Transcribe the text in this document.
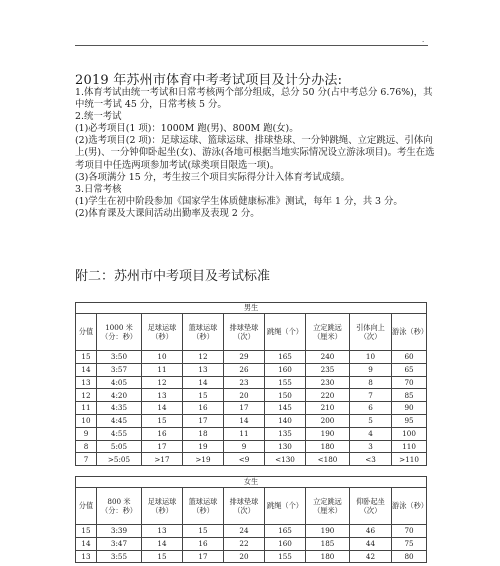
.
2019 年苏州市体育中考考试项目及计分办法:

1.体育考试由统一考试和日常考核两个部分组成，总分 50 分(占中考总分 6.76%)，其中统一考试 45 分，日常考核 5 分。

2.统一考试

(1)必考项目(1 项)：1000M 跑(男)、800M 跑(女)。

(2)选考项目(2 项)：足球运球、篮球运球、排球垫球、一分钟跳绳、立定跳远、引体向上(男)、一分钟仰卧起坐(女)、游泳(各地可根据当地实际情况设立游泳项目)。考生在选考项目中任选两项参加考试(球类项目限选一项)。

(3)各项满分 15 分，考生按三个项目实际得分计入体育考试成绩。

3.日常考核

(1)学生在初中阶段参加《国家学生体质健康标准》测试，每年 1 分，共 3 分。

(2)体育课及大课间活动出勤率及表现 2 分。

附二：苏州市中考项目及考试标准
男生								
分值	1000 米（分：秒）	足球运球（秒）	篮球运球（秒）	排球垫球（次）	跳绳（个）	立定跳远（厘米）	引体向上（次）	游泳（秒）
15	3:50	10	12	29	165	240	10	60
14	3:57	11	13	26	160	235	9	65
13	4:05	12	14	23	155	230	8	70
12	4:20	13	15	20	150	220	7	85
11	4:35	14	16	17	145	210	6	90
10	4:45	15	17	14	140	200	5	95
9	4:55	16	18	11	135	190	4	100
8	5:05	17	19	9	130	180	3	110
7	>5:05	>17	>19	<9	<130	<180	<3	>110
女生								
分值	800 米（分：秒）	足球运球（秒）	篮球运球（秒）	排球垫球（次）	跳绳（个）	立定跳远（厘米）	仰卧起坐（次）	游泳（秒）
15	3:39	13	15	24	165	190	46	70
14	3:47	14	16	22	160	185	44	75
13	3:55	15	17	20	155	180	42	80
